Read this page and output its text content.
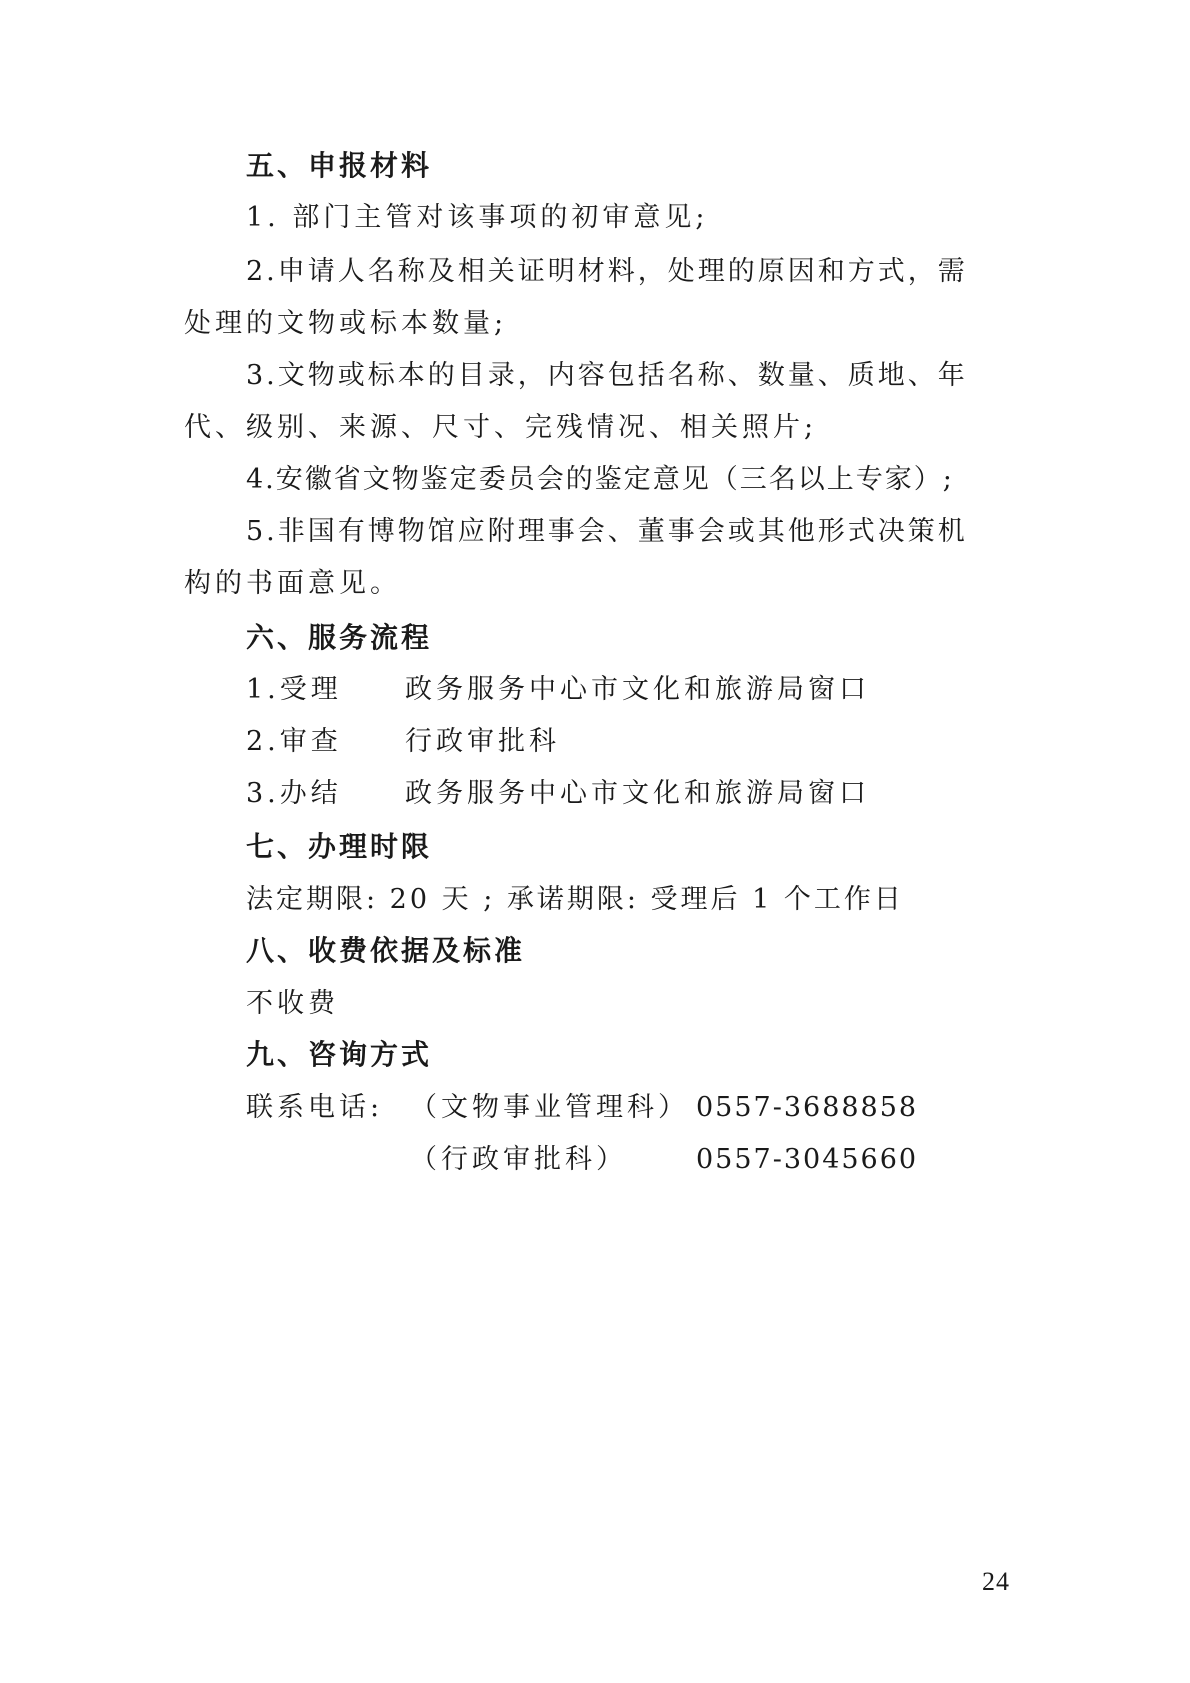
五、申报材料
1. 部门主管对该事项的初审意见;
2.申请人名称及相关证明材料，处理的原因和方式，需
处理的文物或标本数量;
3.文物或标本的目录，内容包括名称、数量、质地、年
代、级别、来源、尺寸、完残情况、相关照片;
4.安徽省文物鉴定委员会的鉴定意见（三名以上专家）;
5.非国有博物馆应附理事会、董事会或其他形式决策机
构的书面意见。
六、服务流程
1.受理 政务服务中心市文化和旅游局窗口
2.审查 行政审批科
3.办结 政务服务中心市文化和旅游局窗口
七、办理时限
法定期限: 20 天 ; 承诺期限: 受理后 1 个工作日
八、收费依据及标准
不收费
九、咨询方式
联系电话: （文物事业管理科） 0557-3688858
（行政审批科）	0557-3045660
24
